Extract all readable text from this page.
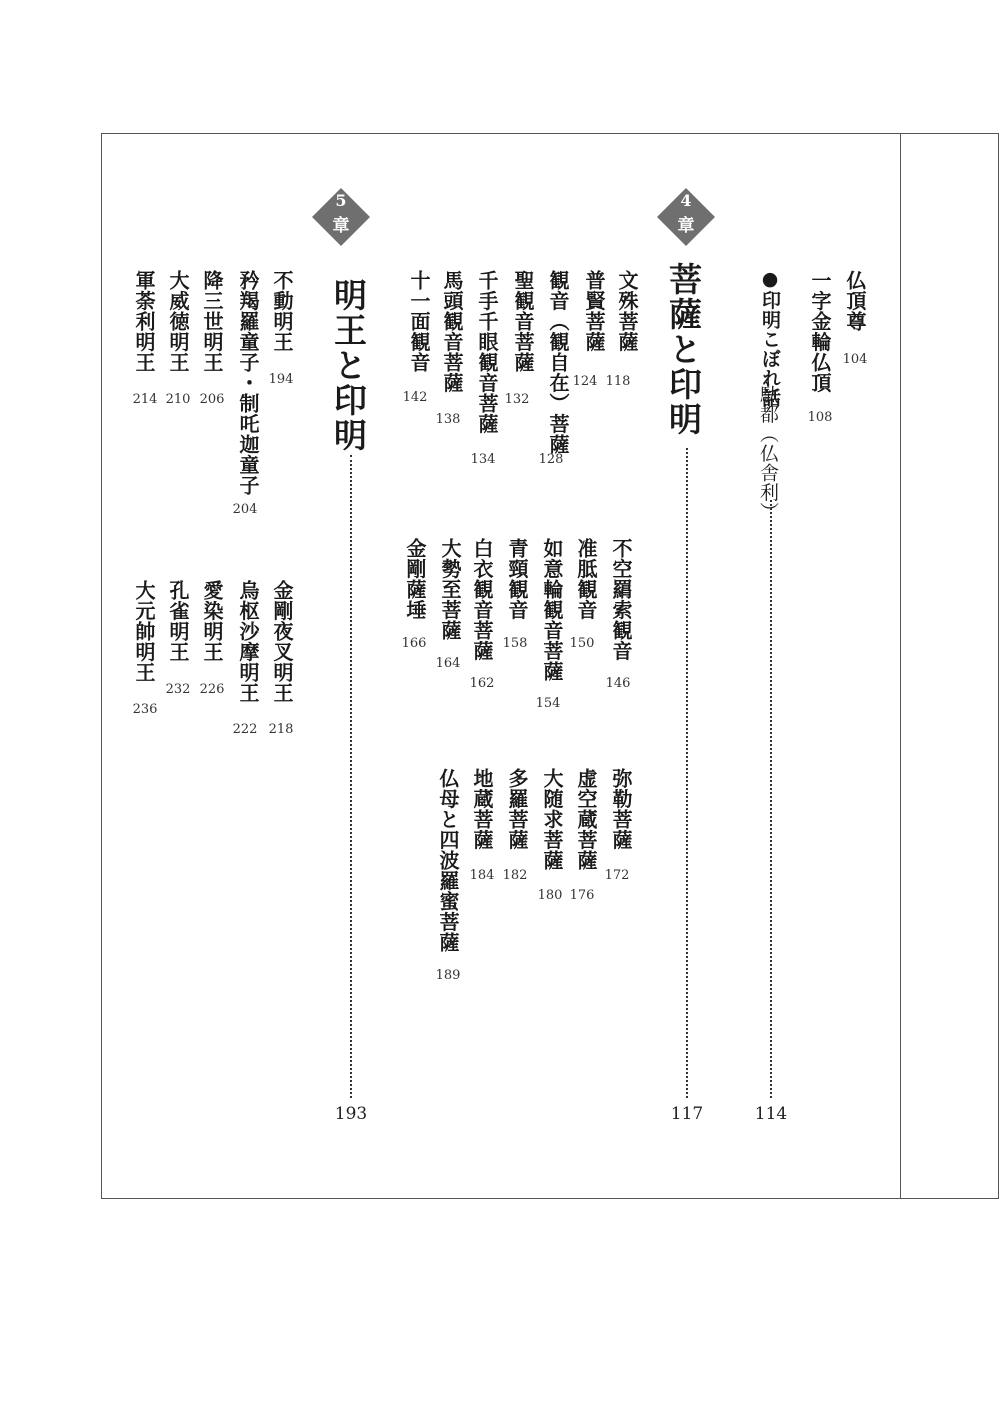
仏頂尊
104
一字金輪仏頂
108
●印明こぼれ話
駄都（仏舎利）
114
4
章
菩薩と印明
117
文殊菩薩
118
普賢菩薩
124
観音（観自在）菩薩
128
聖観音菩薩
132
千手千眼観音菩薩
134
馬頭観音菩薩
138
十一面観音
142
不空羂索観音
146
准胝観音
150
如意輪観音菩薩
154
青頸観音
158
白衣観音菩薩
162
大勢至菩薩
164
金剛薩埵
166
弥勒菩薩
172
虚空蔵菩薩
176
大随求菩薩
180
多羅菩薩
182
地蔵菩薩
184
仏母と四波羅蜜菩薩
189
5
章
明王と印明
193
不動明王
194
矜羯羅童子・制吒迦童子
204
降三世明王
206
大威徳明王
210
軍荼利明王
214
金剛夜叉明王
218
烏枢沙摩明王
222
愛染明王
226
孔雀明王
232
大元帥明王
236
